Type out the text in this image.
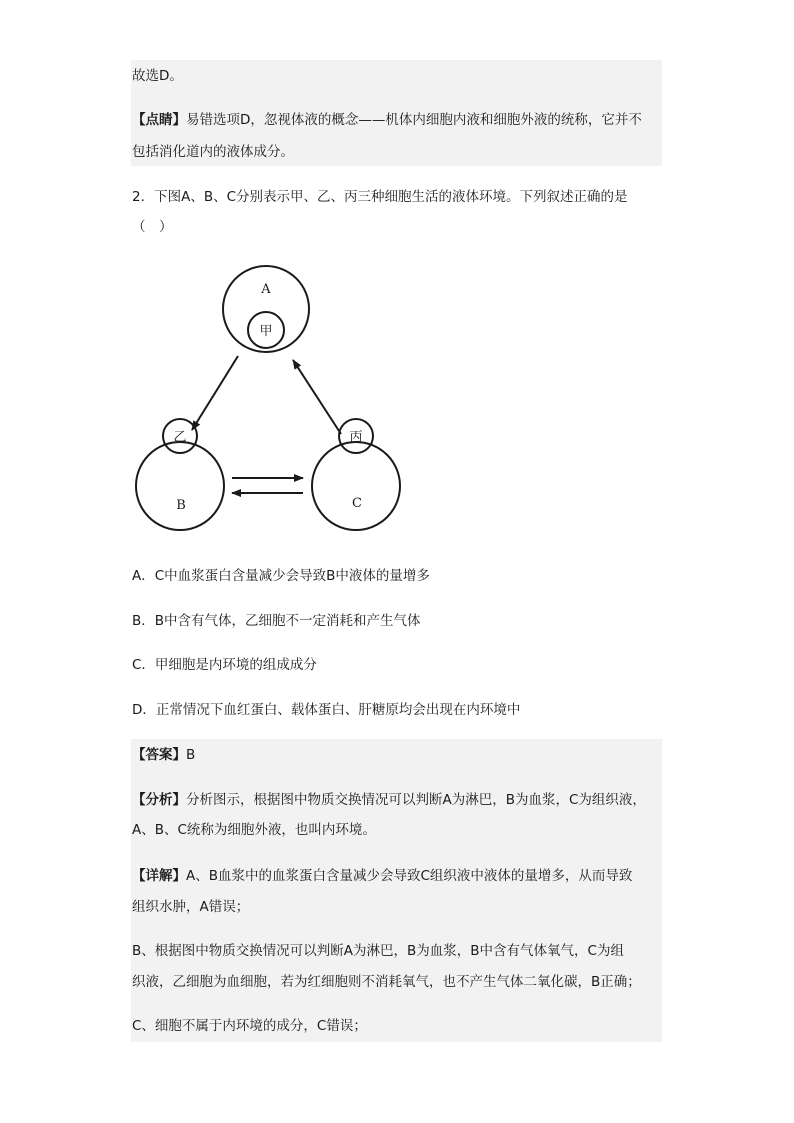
故选D。
【点睛】易错选项D，忽视体液的概念——机体内细胞内液和细胞外液的统称，它并不
包括消化道内的液体成分。
2．下图A、B、C分别表示甲、乙、丙三种细胞生活的液体环境。下列叙述正确的是
（　）
A
甲
B
乙
C
丙
A．C中血浆蛋白含量减少会导致B中液体的量增多
B．B中含有气体，乙细胞不一定消耗和产生气体
C．甲细胞是内环境的组成成分
D．正常情况下血红蛋白、载体蛋白、肝糖原均会出现在内环境中
【答案】B
【分析】分析图示，根据图中物质交换情况可以判断A为淋巴，B为血浆，C为组织液，
A、B、C统称为细胞外液，也叫内环境。
【详解】A、B血浆中的血浆蛋白含量减少会导致C组织液中液体的量增多，从而导致
组织水肿，A错误；
B、根据图中物质交换情况可以判断A为淋巴，B为血浆，B中含有气体氧气，C为组
织液，乙细胞为血细胞，若为红细胞则不消耗氧气，也不产生气体二氧化碳，B正确；
C、细胞不属于内环境的成分，C错误；
